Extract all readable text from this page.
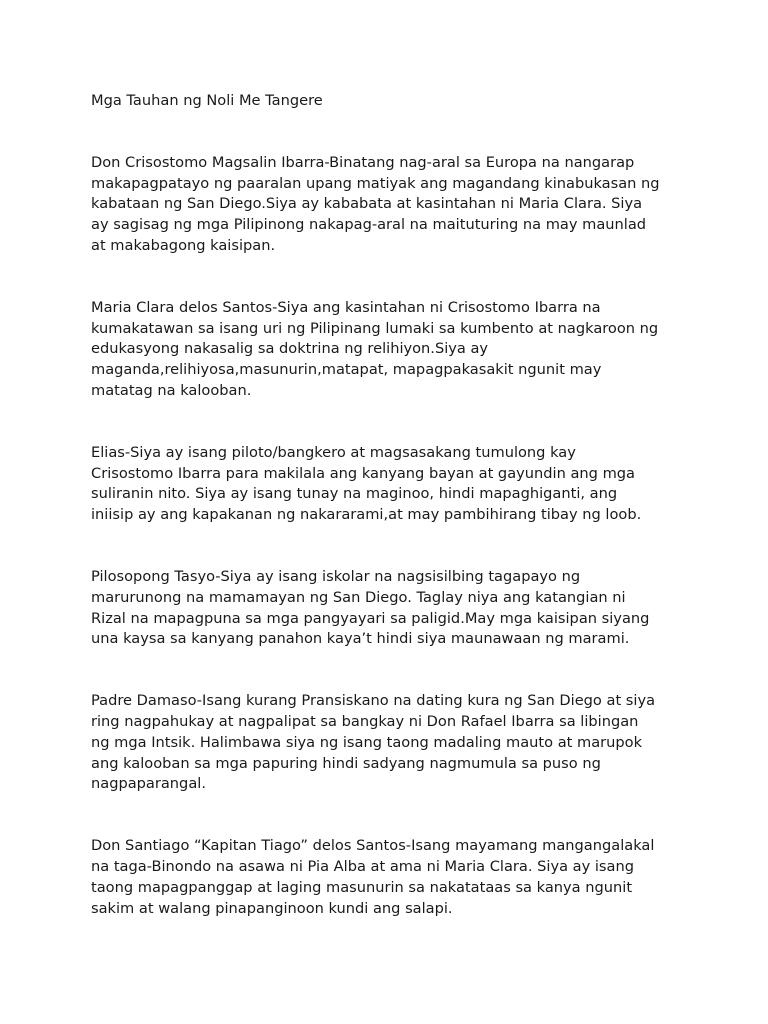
Mga Tauhan ng Noli Me Tangere
Don Crisostomo Magsalin Ibarra-Binatang nag-aral sa Europa na nangarap
makapagpatayo ng paaralan upang matiyak ang magandang kinabukasan ng
kabataan ng San Diego.Siya ay kababata at kasintahan ni Maria Clara. Siya
ay sagisag ng mga Pilipinong nakapag-aral na maituturing na may maunlad
at makabagong kaisipan.
Maria Clara delos Santos-Siya ang kasintahan ni Crisostomo Ibarra na
kumakatawan sa isang uri ng Pilipinang lumaki sa kumbento at nagkaroon ng
edukasyong nakasalig sa doktrina ng relihiyon.Siya ay
maganda,relihiyosa,masunurin,matapat, mapagpakasakit ngunit may
matatag na kalooban.
Elias-Siya ay isang piloto/bangkero at magsasakang tumulong kay
Crisostomo Ibarra para makilala ang kanyang bayan at gayundin ang mga
suliranin nito. Siya ay isang tunay na maginoo, hindi mapaghiganti, ang
iniisip ay ang kapakanan ng nakararami,at may pambihirang tibay ng loob.
Pilosopong Tasyo-Siya ay isang iskolar na nagsisilbing tagapayo ng
marurunong na mamamayan ng San Diego. Taglay niya ang katangian ni
Rizal na mapagpuna sa mga pangyayari sa paligid.May mga kaisipan siyang
una kaysa sa kanyang panahon kaya’t hindi siya maunawaan ng marami.
Padre Damaso-Isang kurang Pransiskano na dating kura ng San Diego at siya
ring nagpahukay at nagpalipat sa bangkay ni Don Rafael Ibarra sa libingan
ng mga Intsik. Halimbawa siya ng isang taong madaling mauto at marupok
ang kalooban sa mga papuring hindi sadyang nagmumula sa puso ng
nagpaparangal.
Don Santiago “Kapitan Tiago” delos Santos-Isang mayamang mangangalakal
na taga-Binondo na asawa ni Pia Alba at ama ni Maria Clara. Siya ay isang
taong mapagpanggap at laging masunurin sa nakatataas sa kanya ngunit
sakim at walang pinapanginoon kundi ang salapi.
